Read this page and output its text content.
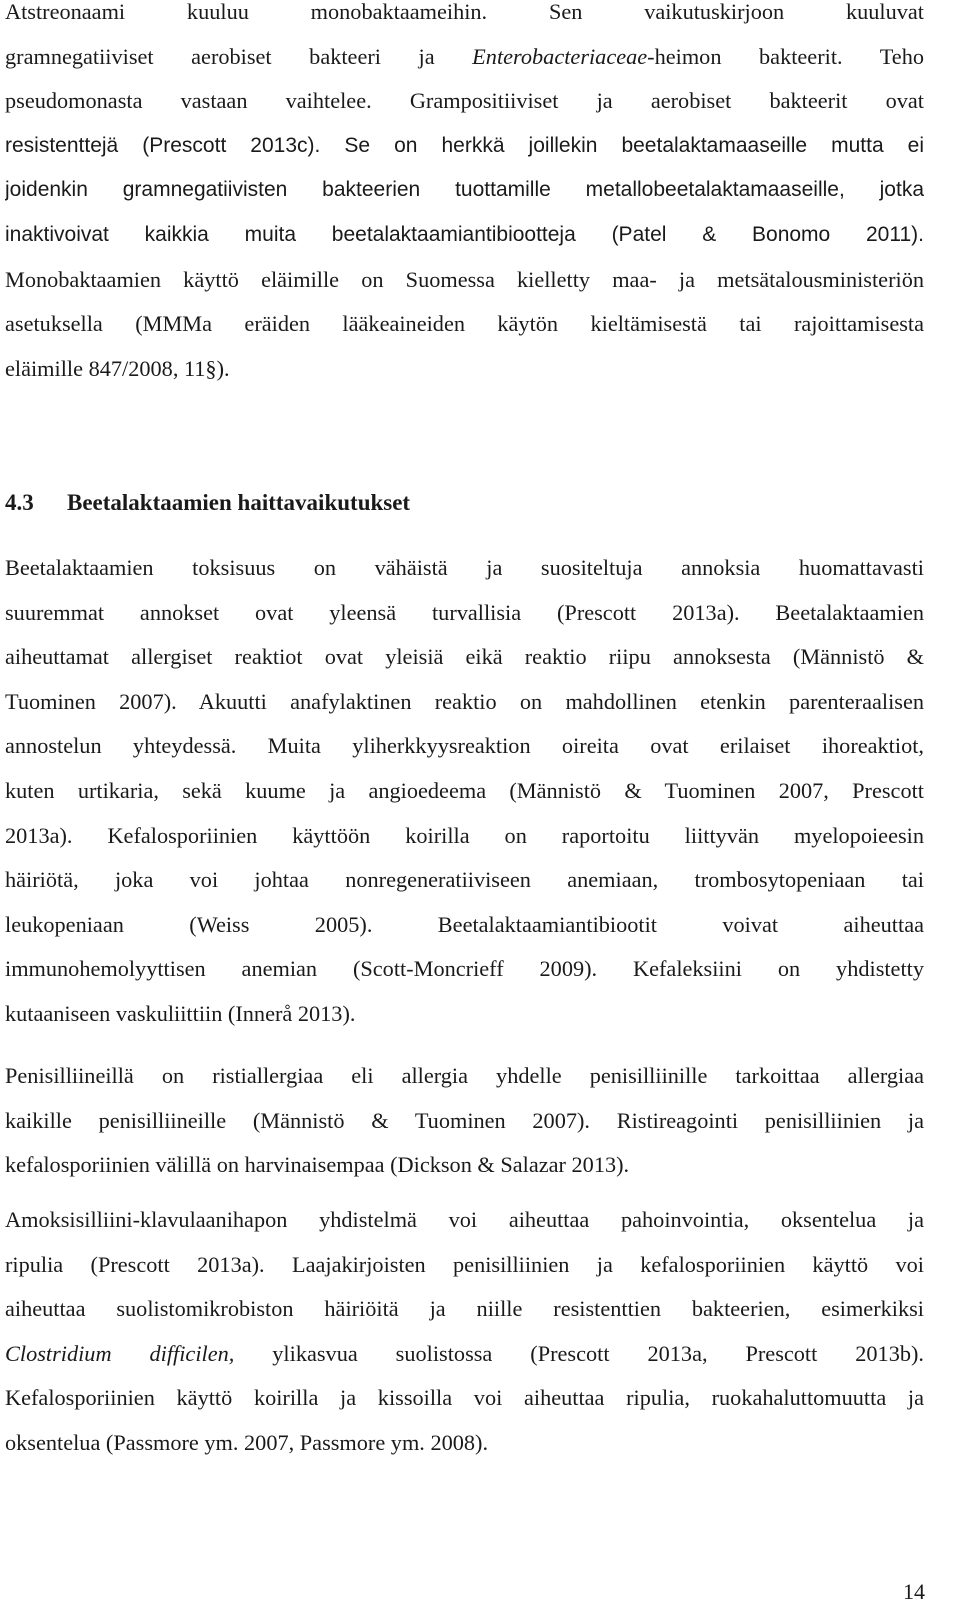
Atstreonaami kuuluu monobaktaameihin. Sen vaikutuskirjoon kuuluvat
gramnegatiiviset aerobiset bakteeri ja Enterobacteriaceae-heimon bakteerit. Teho
pseudomonasta vastaan vaihtelee. Grampositiiviset ja aerobiset bakteerit ovat
resistenttejä (Prescott 2013c). Se on herkkä joillekin beetalaktamaaseille mutta ei
joidenkin gramnegatiivisten bakteerien tuottamille metallobeetalaktamaaseille, jotka
inaktivoivat kaikkia muita beetalaktaamiantibiootteja (Patel & Bonomo 2011).
Monobaktaamien käyttö eläimille on Suomessa kielletty maa- ja metsätalousministeriön
asetuksella (MMMa eräiden lääkeaineiden käytön kieltämisestä tai rajoittamisesta
eläimille 847/2008, 11§).

4.3 Beetalaktaamien haittavaikutukset

Beetalaktaamien toksisuus on vähäistä ja suositeltuja annoksia huomattavasti
suuremmat annokset ovat yleensä turvallisia (Prescott 2013a). Beetalaktaamien
aiheuttamat allergiset reaktiot ovat yleisiä eikä reaktio riipu annoksesta (Männistö &
Tuominen 2007). Akuutti anafylaktinen reaktio on mahdollinen etenkin parenteraalisen
annostelun yhteydessä. Muita yliherkkyysreaktion oireita ovat erilaiset ihoreaktiot,
kuten urtikaria, sekä kuume ja angioedeema (Männistö & Tuominen 2007, Prescott
2013a). Kefalosporiinien käyttöön koirilla on raportoitu liittyvän myelopoieesin
häiriötä, joka voi johtaa nonregeneratiiviseen anemiaan, trombosytopeniaan tai
leukopeniaan (Weiss 2005). Beetalaktaamiantibiootit voivat aiheuttaa
immunohemolyyttisen anemian (Scott-Moncrieff 2009). Kefaleksiini on yhdistetty
kutaaniseen vaskuliittiin (Innerå 2013).

Penisilliineillä on ristiallergiaa eli allergia yhdelle penisilliinille tarkoittaa allergiaa
kaikille penisilliineille (Männistö & Tuominen 2007). Ristireagointi penisilliinien ja
kefalosporiinien välillä on harvinaisempaa (Dickson & Salazar 2013).

Amoksisilliini-klavulaanihapon yhdistelmä voi aiheuttaa pahoinvointia, oksentelua ja
ripulia (Prescott 2013a). Laajakirjoisten penisilliinien ja kefalosporiinien käyttö voi
aiheuttaa suolistomikrobiston häiriöitä ja niille resistenttien bakteerien, esimerkiksi
Clostridium difficilen, ylikasvua suolistossa (Prescott 2013a, Prescott 2013b).
Kefalosporiinien käyttö koirilla ja kissoilla voi aiheuttaa ripulia, ruokahaluttomuutta ja
oksentelua (Passmore ym. 2007, Passmore ym. 2008).

14
